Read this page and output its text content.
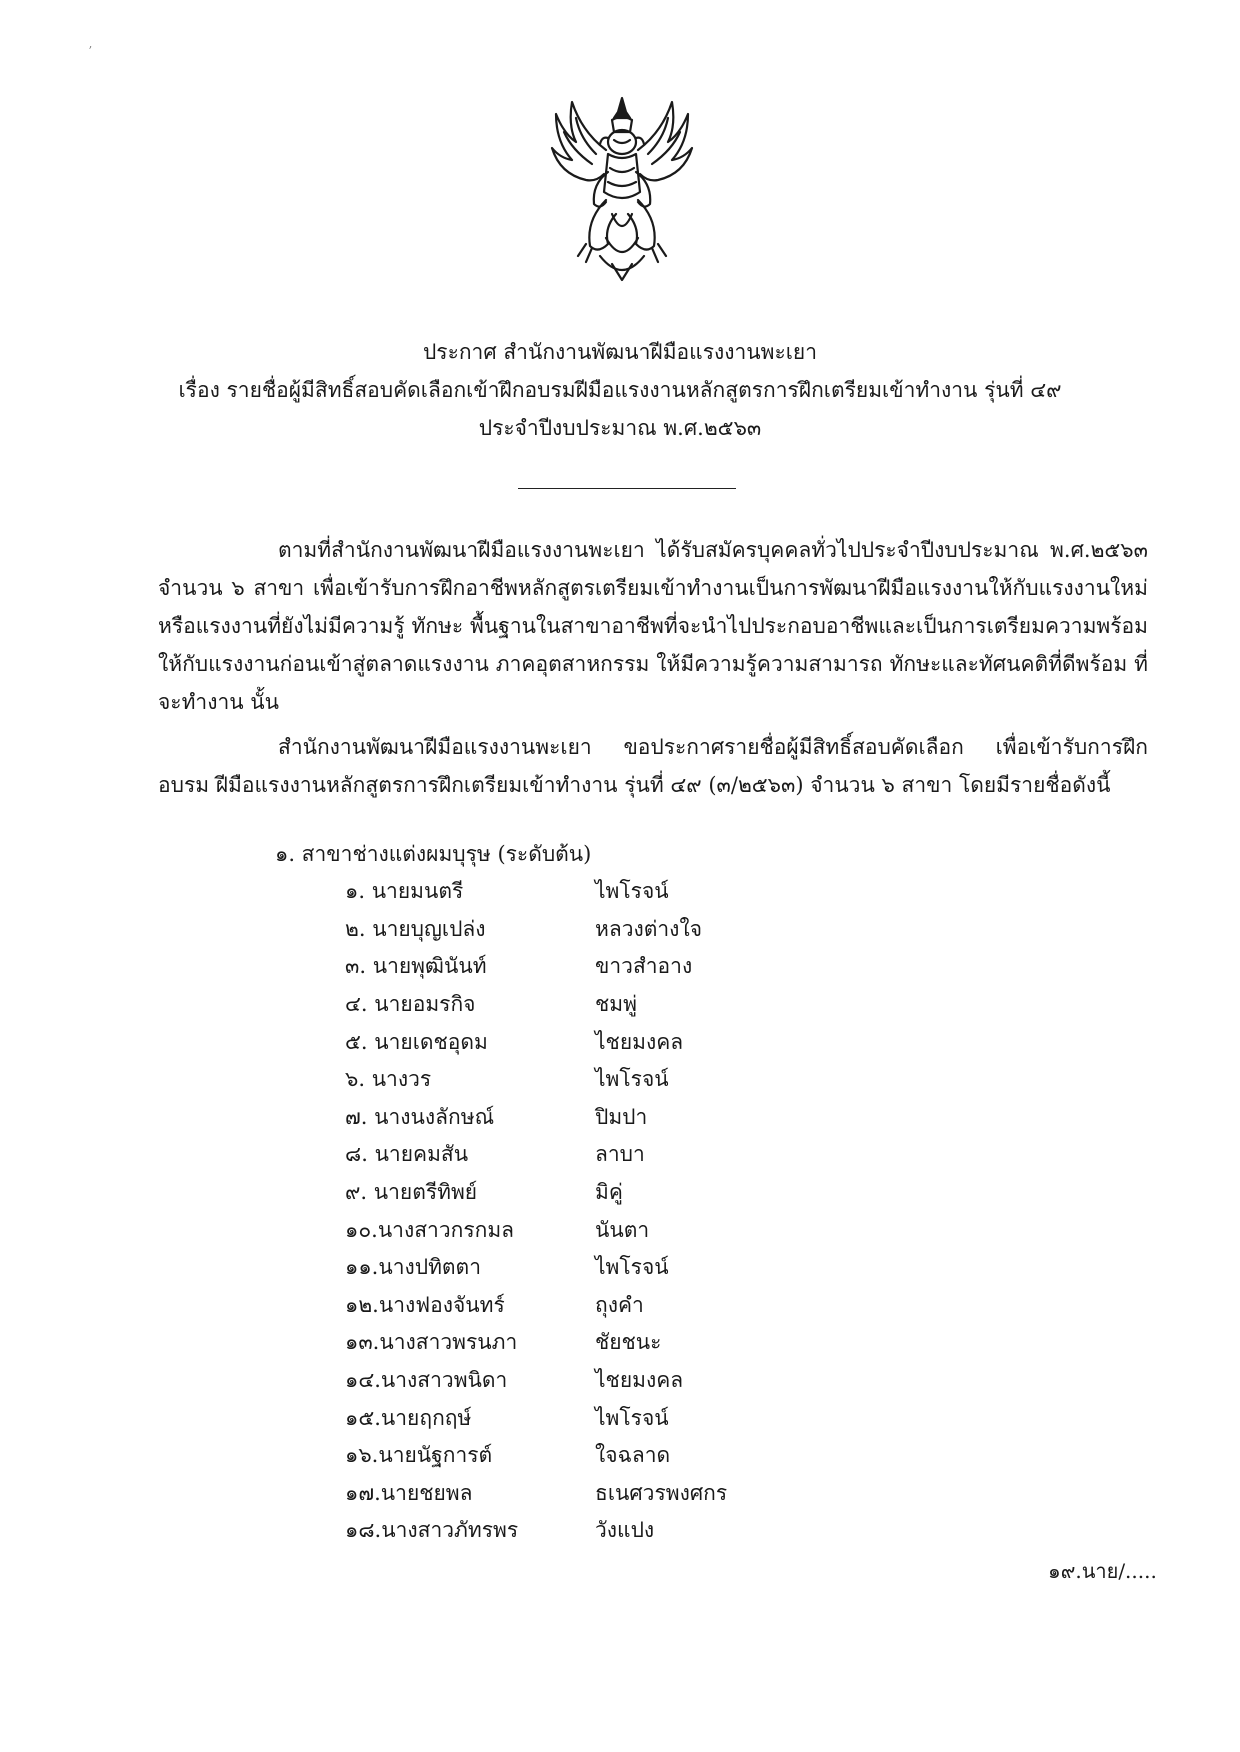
ʼ
ประกาศ สำนักงานพัฒนาฝีมือแรงงานพะเยา
เรื่อง รายชื่อผู้มีสิทธิ์สอบคัดเลือกเข้าฝึกอบรมฝีมือแรงงานหลักสูตรการฝึกเตรียมเข้าทำงาน รุ่นที่ ๔๙
ประจำปีงบประมาณ พ.ศ.๒๕๖๓

ตามที่สำนักงานพัฒนาฝีมือแรงงานพะเยา ได้รับสมัครบุคคลทั่วไปประจำปีงบประมาณ พ.ศ.๒๕๖๓ จำนวน ๖ สาขา เพื่อเข้ารับการฝึกอาชีพหลักสูตรเตรียมเข้าทำงานเป็นการพัฒนาฝีมือแรงงานให้กับแรงงานใหม่ หรือแรงงานที่ยังไม่มีความรู้ ทักษะ พื้นฐานในสาขาอาชีพที่จะนำไปประกอบอาชีพและเป็นการเตรียมความพร้อม ให้กับแรงงานก่อนเข้าสู่ตลาดแรงงาน ภาคอุตสาหกรรม ให้มีความรู้ความสามารถ ทักษะและทัศนคติที่ดีพร้อม ที่จะทำงาน นั้น

สำนักงานพัฒนาฝีมือแรงงานพะเยา ขอประกาศรายชื่อผู้มีสิทธิ์สอบคัดเลือก เพื่อเข้ารับการฝึกอบรม ฝีมือแรงงานหลักสูตรการฝึกเตรียมเข้าทำงาน รุ่นที่ ๔๙ (๓/๒๕๖๓) จำนวน ๖ สาขา โดยมีรายชื่อดังนี้

๑. สาขาช่างแต่งผมบุรุษ (ระดับต้น)
๑. นายมนตรี	ไพโรจน์
๒. นายบุญเปล่ง	หลวงต่างใจ
๓. นายพุฒินันท์	ขาวสำอาง
๔. นายอมรกิจ	ชมพู่
๕. นายเดชอุดม	ไชยมงคล
๖. นางวร	ไพโรจน์
๗. นางนงลักษณ์	ปิมปา
๘. นายคมสัน	ลาบา
๙. นายตรีทิพย์	มิคู่
๑๐.นางสาวกรกมล	นันตา
๑๑.นางปทิตตา	ไพโรจน์
๑๒.นางฟองจันทร์	ถุงคำ
๑๓.นางสาวพรนภา	ชัยชนะ
๑๔.นางสาวพนิดา	ไชยมงคล
๑๕.นายฤกฤษ์	ไพโรจน์
๑๖.นายนัฐการต์	ใจฉลาด
๑๗.นายชยพล	ธเนศวรพงศกร
๑๘.นางสาวภัทรพร	วังแปง
๑๙.นาย/.....
